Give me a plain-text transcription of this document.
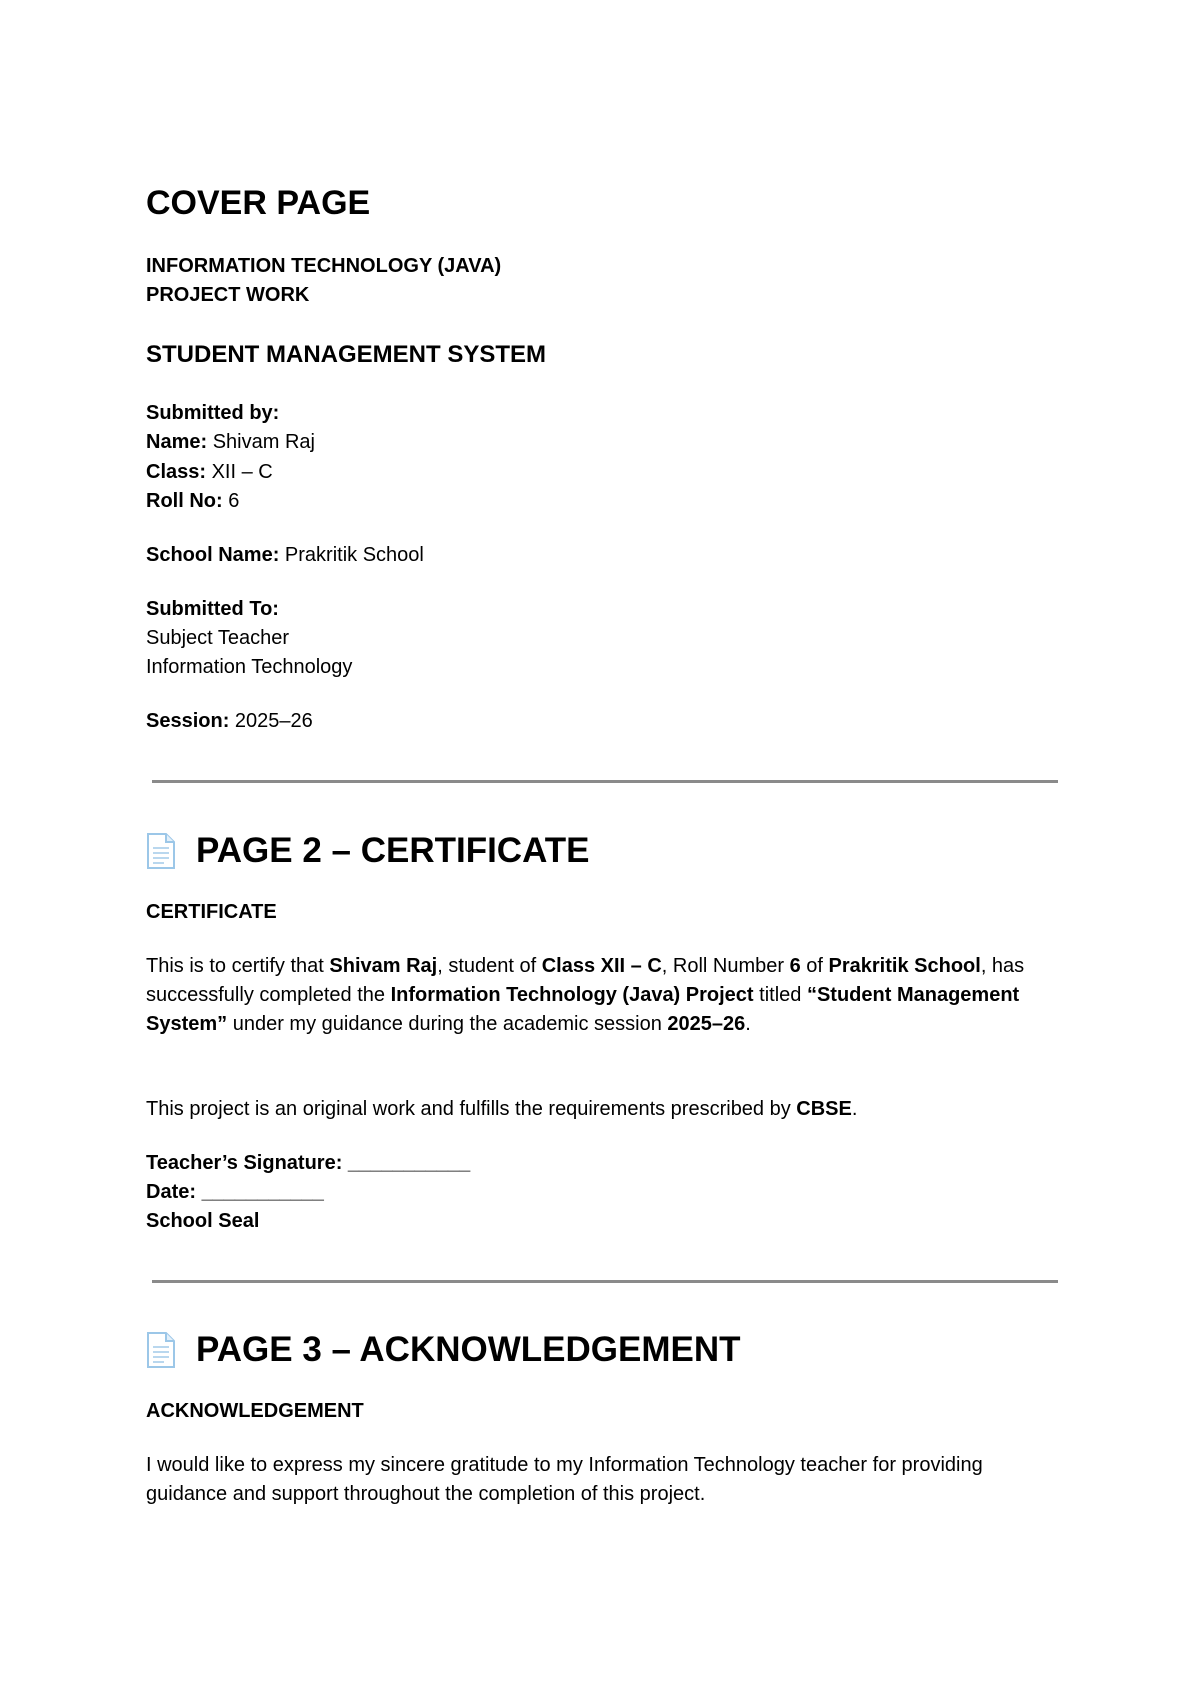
COVER PAGE
INFORMATION TECHNOLOGY (JAVA)
PROJECT WORK
STUDENT MANAGEMENT SYSTEM
Submitted by:
Name: Shivam Raj
Class: XII – C
Roll No: 6
School Name: Prakritik School
Submitted To:
Subject Teacher
Information Technology
Session: 2025–26
PAGE 2 – CERTIFICATE
CERTIFICATE
This is to certify that Shivam Raj, student of Class XII – C, Roll Number 6 of Prakritik School, has successfully completed the Information Technology (Java) Project titled “Student Management System” under my guidance during the academic session 2025–26.
This project is an original work and fulfills the requirements prescribed by CBSE.
Teacher’s Signature: ___________
Date: ___________
School Seal
PAGE 3 – ACKNOWLEDGEMENT
ACKNOWLEDGEMENT
I would like to express my sincere gratitude to my Information Technology teacher for providing guidance and support throughout the completion of this project.
